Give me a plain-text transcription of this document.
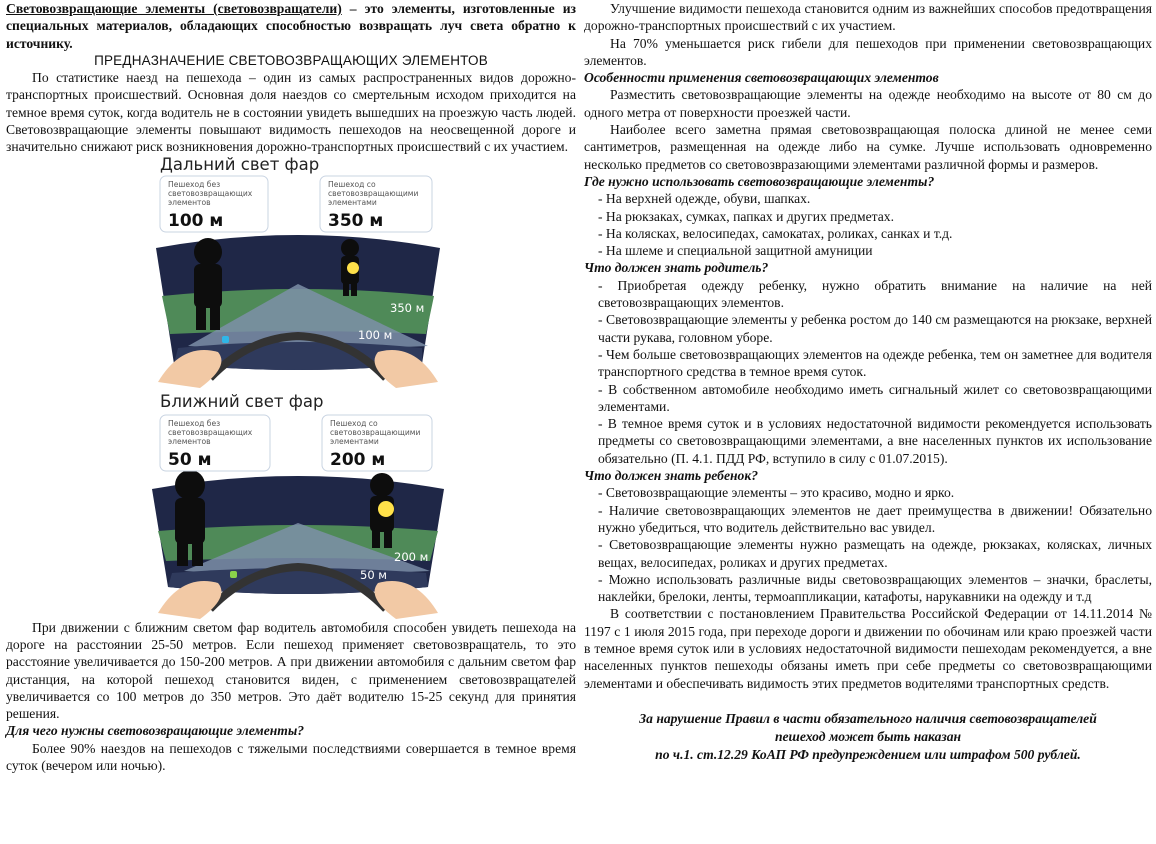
Световозвращающие элементы (световозвращатели) – это элементы, изготовленные из специальных материалов, обладающих способностью возвращать луч света обратно к источнику.

ПРЕДНАЗНАЧЕНИЕ СВЕТОВОЗВРАЩАЮЩИХ ЭЛЕМЕНТОВ

По статистике наезд на пешехода – один из самых распространенных видов дорожно-транспортных происшествий. Основная доля наездов со смертельным исходом приходится на темное время суток, когда водитель не в состоянии увидеть вышедших на проезжую часть людей. Световозвращающие элементы повышают видимость пешеходов на неосвещенной дороге и значительно снижают риск возникновения дорожно-транспортных происшествий с их участием.

Дальний свет фар
350 м
100 м
Пешеход без
световозвращающих
элементов
100 м
Пешеход со
световозвращающими
элементами
350 м
Ближний свет фар
200 м
50 м
Пешеход без
световозвращающих
элементов
50 м
Пешеход со
световозвращающими
элементами
200 м

При движении с ближним светом фар водитель автомобиля способен увидеть пешехода на дороге на расстоянии 25-50 метров. Если пешеход применяет световозвращатель, то это расстояние увеличивается до 150-200 метров. А при движении автомобиля с дальним светом фар дистанция, на которой пешеход становится виден, с применением световозвращателей увеличивается со 100 метров до 350 метров. Это даёт водителю 15-25 секунд для принятия решения.

Для чего нужны световозвращающие элементы?

Более 90% наездов на пешеходов с тяжелыми последствиями совершается в темное время суток (вечером или ночью).

Улучшение видимости пешехода становится одним из важнейших способов предотвращения дорожно-транспортных происшествий с их участием.

На 70% уменьшается риск гибели для пешеходов при применении световозвращающих элементов.

Особенности применения световозвращающих элементов

Разместить световозвращающие элементы на одежде необходимо на высоте от 80 см до одного метра от поверхности проезжей части.

Наиболее всего заметна прямая световозвращающая полоска длиной не менее семи сантиметров, размещенная на одежде либо на сумке. Лучше использовать одновременно несколько предметов со световозвразающими элементами различной формы и размеров.

Где нужно использовать световозвращающие элементы?
- На верхней одежде, обуви, шапках.
- На рюкзаках, сумках, папках и других предметах.
- На колясках, велосипедах, самокатах, роликах, санках и т.д.
- На шлеме и специальной защитной амуниции
Что должен знать родитель?

- Приобретая одежду ребенку, нужно обратить внимание на наличие на ней световозвращающих элементов.

- Световозвращающие элементы у ребенка ростом до 140 см размещаются на рюкзаке, верхней части рукава, головном уборе.

- Чем больше световозвращающих элементов на одежде ребенка, тем он заметнее для водителя транспортного средства в темное время суток.

- В собственном автомобиле необходимо иметь сигнальный жилет со световозвращающими элементами.

- В темное время суток и в условиях недостаточной видимости рекомендуется использовать предметы со световозвращающими элементами, а вне населенных пунктов их использование обязательно (П. 4.1. ПДД РФ, вступило в силу с 01.07.2015).

Что должен знать ребенок?

- Световозвращающие элементы – это красиво, модно и ярко.

- Наличие световозвращающих элементов не дает преимущества в движении! Обязательно нужно убедиться, что водитель действительно вас увидел.

- Световозвращающие элементы нужно размещать на одежде, рюкзаках, колясках, личных вещах, велосипедах, роликах и других предметах.

- Можно использовать различные виды световозвращающих элементов – значки, браслеты, наклейки, брелоки, ленты, термоаппликации, катафоты, нарукавники на одежду и т.д

В соответствии с постановлением Правительства Российской Федерации от 14.11.2014 № 1197 с 1 июля 2015 года, при переходе дороги и движении по обочинам или краю проезжей части в темное время суток или в условиях недостаточной видимости пешеходам рекомендуется, а вне населенных пунктов пешеходы обязаны иметь при себе предметы со световозвращающими элементами и обеспечивать видимость этих предметов водителями транспортных средств.

За нарушение Правил в части обязательного наличия световозвращателей
пешеход может быть наказан
по ч.1. ст.12.29 КоАП РФ предупреждением или штрафом 500 рублей.
